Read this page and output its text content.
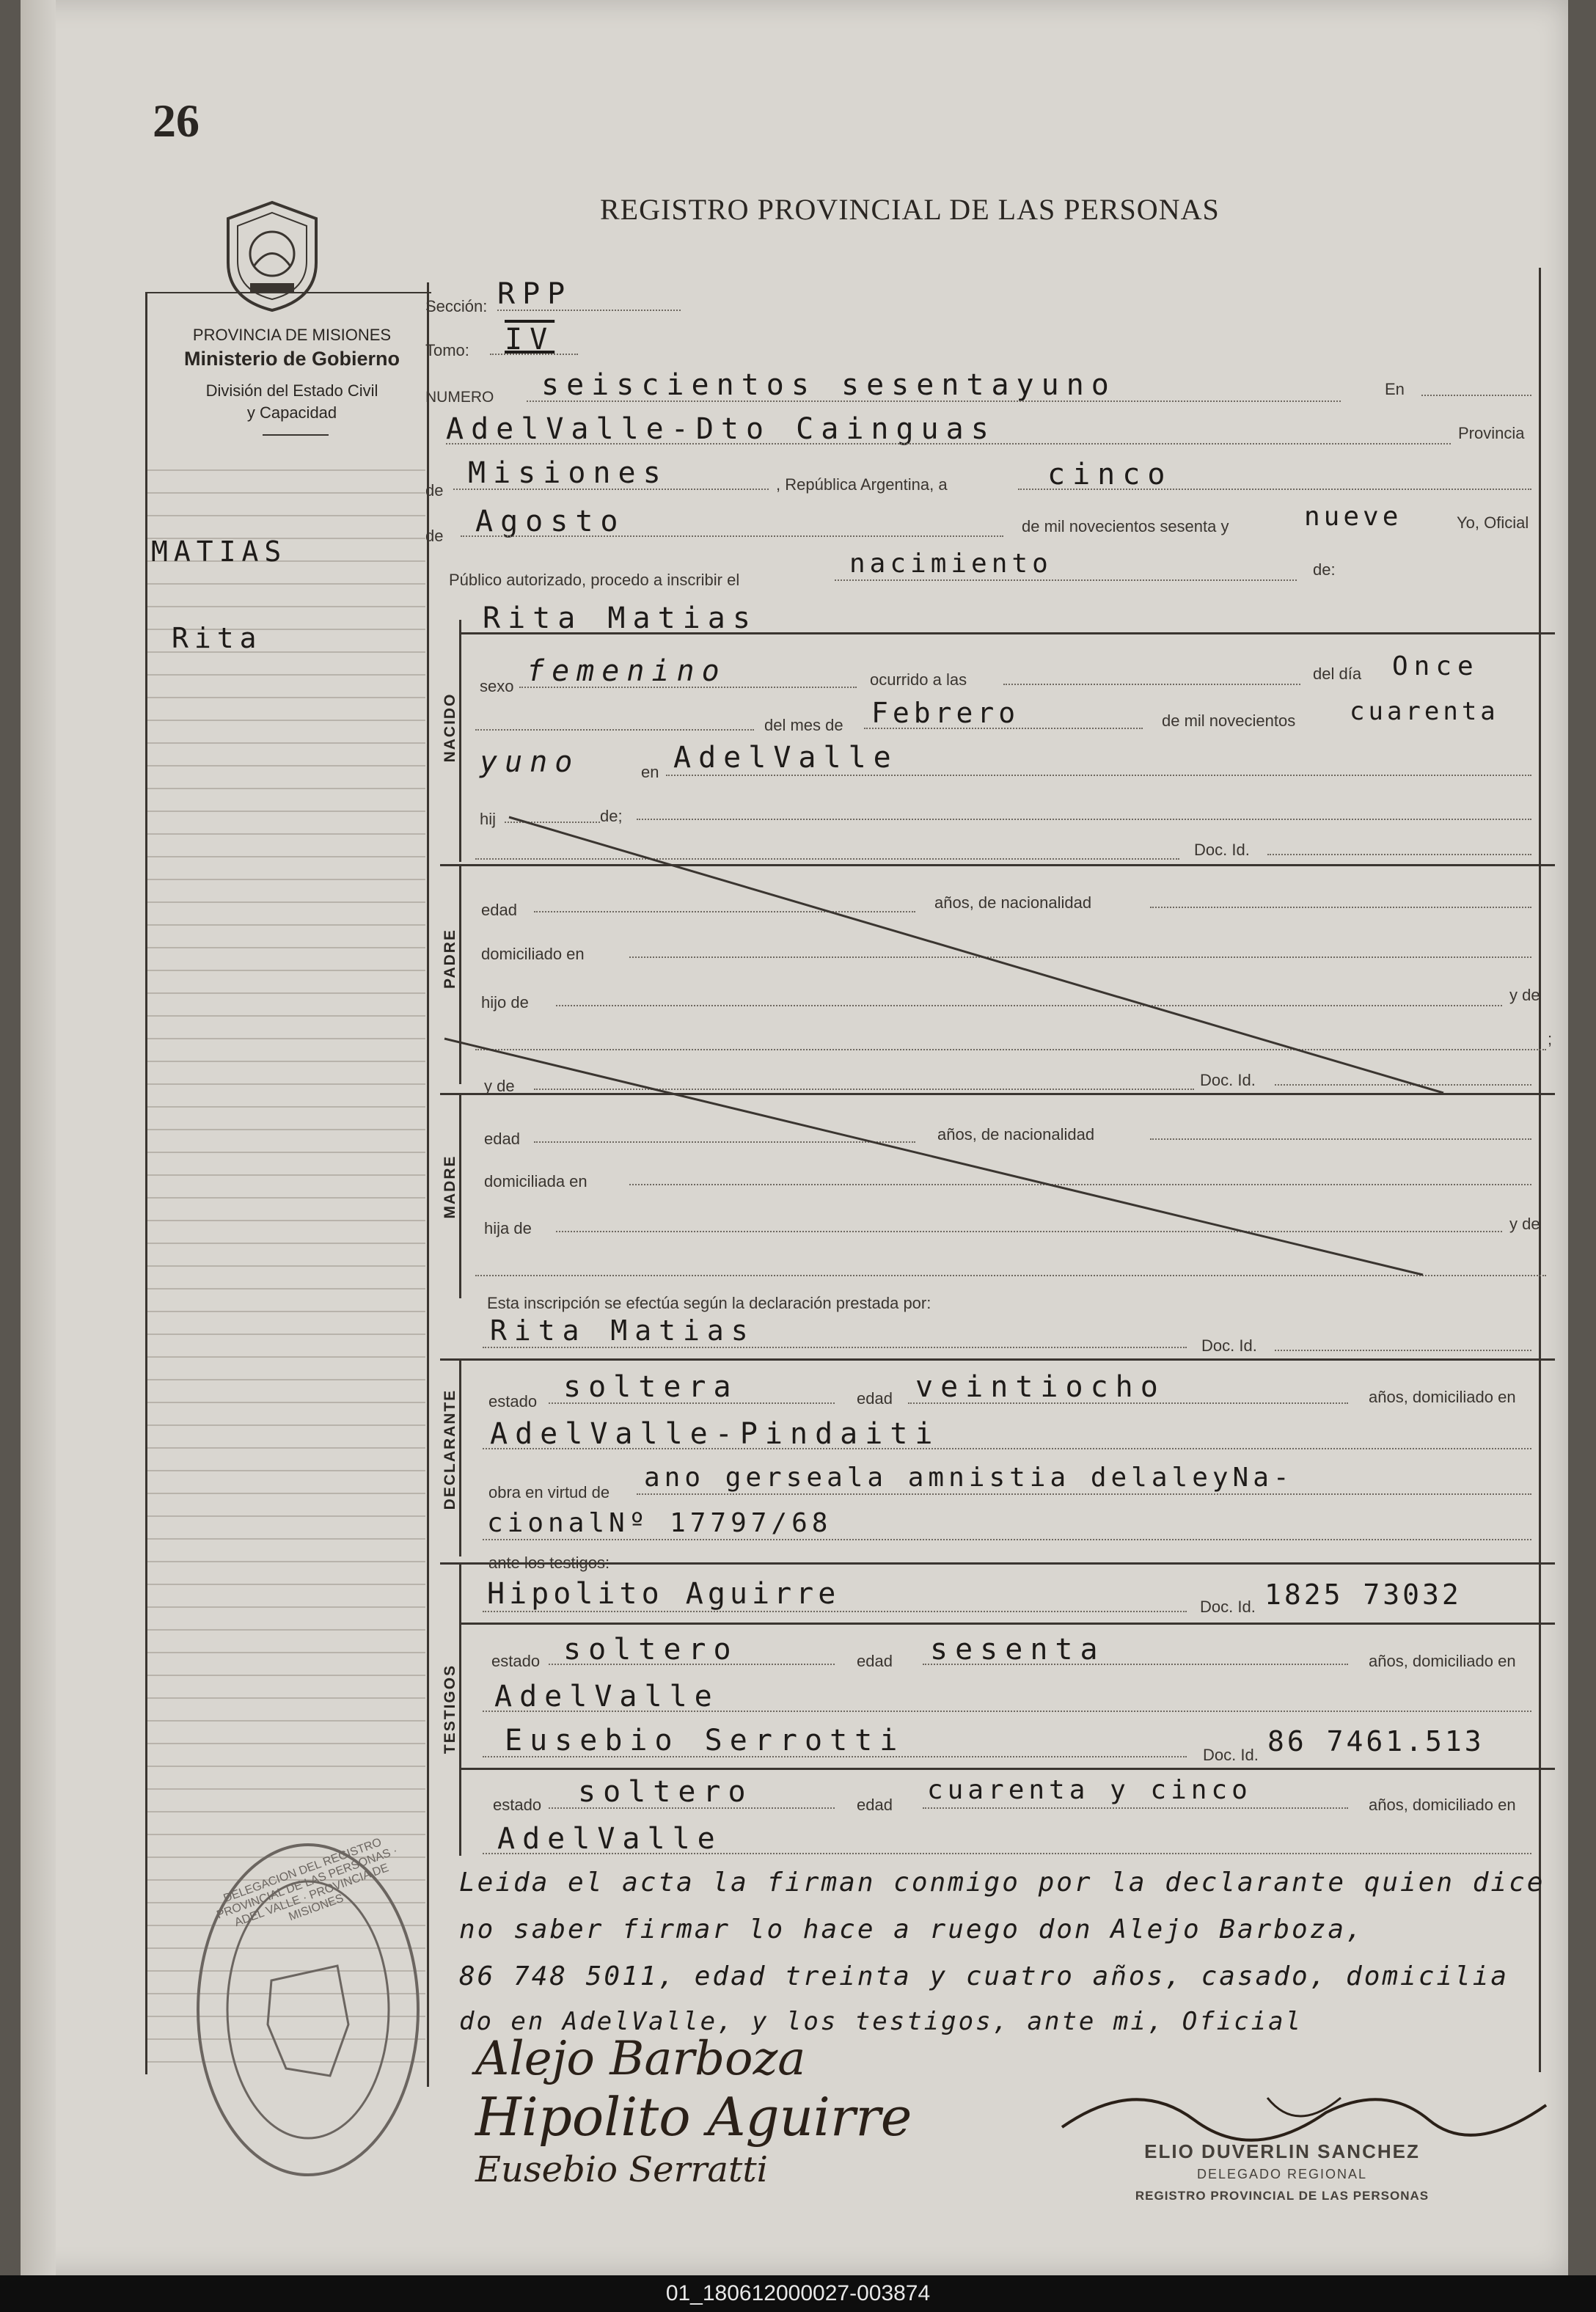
26
REGISTRO PROVINCIAL DE LAS PERSONAS
PROVINCIA DE MISIONES
Ministerio de Gobierno
División del Estado Civil
y Capacidad
MATIAS
Rita
Sección: RPP
Tomo: IV
NUMERO seiscientos sesentayuno	En
AdelValle-Dto Cainguas	Provincia
de
Misiones	, República Argentina, a	cinco
de Agosto	de mil novecientos sesenta y	nueve	Yo, Oficial
Público autorizado, procedo a inscribir el
nacimiento	de:
Rita Matias
NACIDO
sexo femenino	ocurrido a las	del día Once
del mes de Febrero	de mil novecientos cuarenta
yuno	en AdelValle
hij	de;
Doc. Id.
PADRE
edad	años, de nacionalidad
domiciliado en
hijo de	y de
;
y de	Doc. Id.
MADRE
edad	años, de nacionalidad
domiciliada en
hija de	y de
Esta inscripción se efectúa según la declaración prestada por:
Rita Matias	Doc. Id.
DECLARANTE estado soltera	edad veintiocho	años, domiciliado en
AdelValle-Pindaiti
obra en virtud de ano gerseala amnistia delaleyNa-
cionalNº 17797/68
ante los testigos:
TESTIGOS
Hipolito Aguirre	Doc. Id. 1825 73032
estado soltero	edad sesenta	años, domiciliado en
AdelValle
Eusebio Serrotti	Doc. Id. 86 7461.513
estado soltero	edad cuarenta y cinco	años, domiciliado en
AdelValle
Leida el acta la firman conmigo por la declarante quien dice
no saber firmar lo hace a ruego don Alejo Barboza,
86 748 5011, edad treinta y cuatro años, casado, domicilia
do en AdelValle, y los testigos, ante mi, Oficial
DELEGACION DEL REGISTRO PROVINCIAL DE LAS PERSONAS · ADEL VALLE · PROVINCIA DE MISIONES
Alejo Barboza
Hipolito Aguirre
Eusebio Serratti	ELIO DUVERLIN SANCHEZ
DELEGADO REGIONAL
REGISTRO PROVINCIAL DE LAS PERSONAS
01_180612000027-003874
